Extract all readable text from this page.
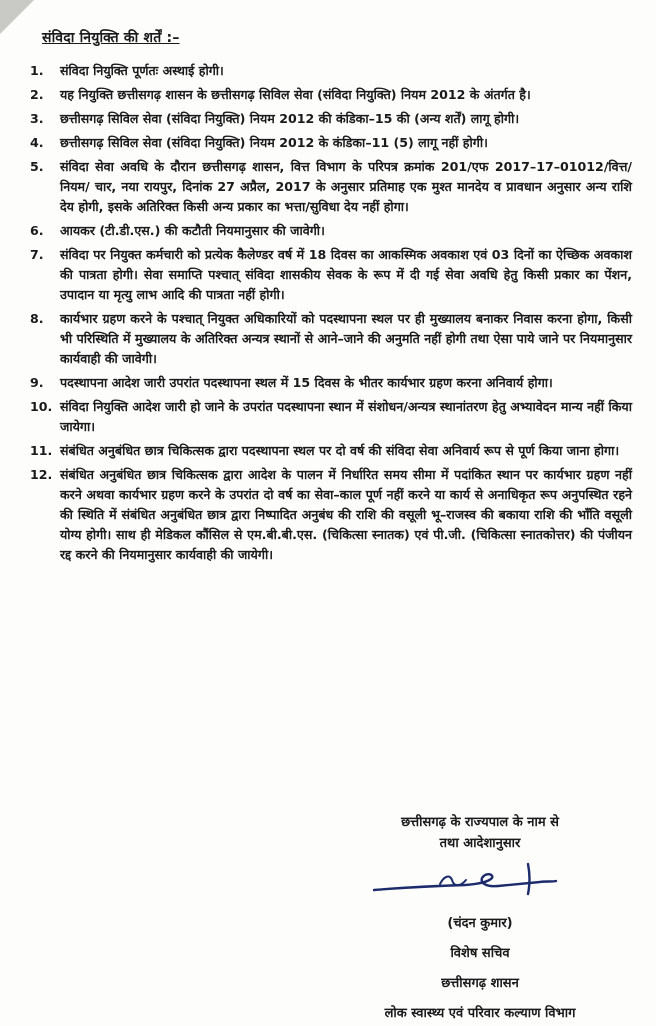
संविदा नियुक्ति की शर्तें :–
1.	संविदा नियुक्ति पूर्णतः अस्थाई होगी।
2.	यह नियुक्ति छत्तीसगढ़ शासन के छत्तीसगढ़ सिविल सेवा (संविदा नियुक्ति) नियम 2012 के अंतर्गत है।
3.	छत्तीसगढ़ सिविल सेवा (संविदा नियुक्ति) नियम 2012 की कंडिका–15 की (अन्य शर्तें) लागू होगी।
4.	छत्तीसगढ़ सिविल सेवा (संविदा नियुक्ति) नियम 2012 के कंडिका–11 (5) लागू नहीं होगी।
5.	संविदा सेवा अवधि के दौरान छत्तीसगढ़ शासन, वित्त विभाग के परिपत्र क्रमांक 201/एफ 2017–17–01012/वित्त/नियम/ चार, नया रायपुर, दिनांक 27 अप्रैल, 2017 के अनुसार प्रतिमाह एक मुश्त मानदेय व प्रावधान अनुसार अन्य राशि देय होगी, इसके अतिरिक्त किसी अन्य प्रकार का भत्ता/सुविधा देय नहीं होगा।
6.	आयकर (टी.डी.एस.) की कटौती नियमानुसार की जावेगी।
7.	संविदा पर नियुक्त कर्मचारी को प्रत्येक कैलेण्डर वर्ष में 18 दिवस का आकस्मिक अवकाश एवं 03 दिनों का ऐच्छिक अवकाश की पात्रता होगी। सेवा समाप्ति पश्चात् संविदा शासकीय सेवक के रूप में दी गई सेवा अवधि हेतु किसी प्रकार का पेंशन, उपादान या मृत्यु लाभ आदि की पात्रता नहीं होगी।
8.	कार्यभार ग्रहण करने के पश्चात् नियुक्त अधिकारियों को पदस्थापना स्थल पर ही मुख्यालय बनाकर निवास करना होगा, किसी भी परिस्थिति में मुख्यालय के अतिरिक्त अन्यत्र स्थानों से आने–जाने की अनुमति नहीं होगी तथा ऐसा पाये जाने पर नियमानुसार कार्यवाही की जावेगी।
9.	पदस्थापना आदेश जारी उपरांत पदस्थापना स्थल में 15 दिवस के भीतर कार्यभार ग्रहण करना अनिवार्य होगा।
10. संविदा नियुक्ति आदेश जारी हो जाने के उपरांत पदस्थापना स्थान में संशोधन/अन्यत्र स्थानांतरण हेतु अभ्यावेदन मान्य नहीं किया जायेगा।
11. संबंधित अनुबंधित छात्र चिकित्सक द्वारा पदस्थापना स्थल पर दो वर्ष की संविदा सेवा अनिवार्य रूप से पूर्ण किया जाना होगा।
12. संबंधित अनुबंधित छात्र चिकित्सक द्वारा आदेश के पालन में निर्धारित समय सीमा में पदांकित स्थान पर कार्यभार ग्रहण नहीं करने अथवा कार्यभार ग्रहण करने के उपरांत दो वर्ष का सेवा–काल पूर्ण नहीं करने या कार्य से अनाधिकृत रूप अनुपस्थित रहने की स्थिति में संबंधित अनुबंधित छात्र द्वारा निष्पादित अनुबंध की राशि की वसूली भू–राजस्व की बकाया राशि की भाँति वसूली योग्य होगी। साथ ही मेडिकल कौंसिल से एम.बी.बी.एस. (चिकित्सा स्नातक) एवं पी.जी. (चिकित्सा स्नातकोत्तर) की पंजीयन रद्द करने की नियमानुसार कार्यवाही की जायेगी।
छत्तीसगढ़ के राज्यपाल के नाम से
तथा आदेशानुसार
(चंदन कुमार)
विशेष सचिव
छत्तीसगढ़ शासन
लोक स्वास्थ्य एवं परिवार कल्याण विभाग
